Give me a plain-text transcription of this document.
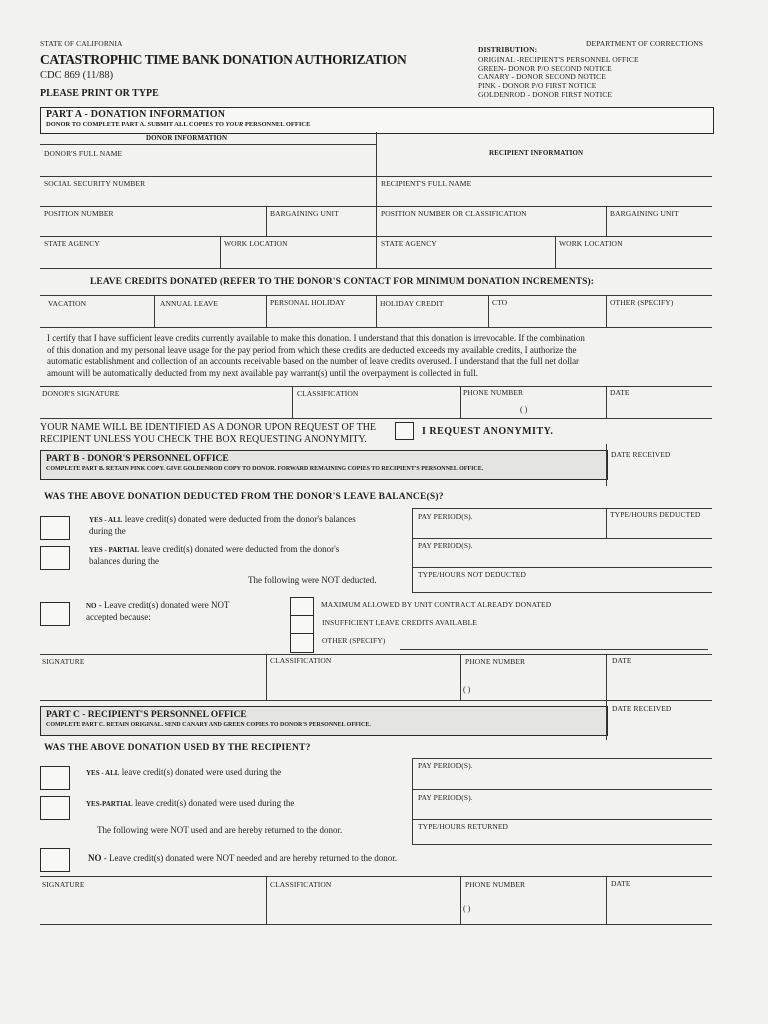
STATE OF CALIFORNIA	DEPARTMENT OF CORRECTIONS
CATASTROPHIC TIME BANK DONATION AUTHORIZATION
CDC 869 (11/88)
PLEASE PRINT OR TYPE
DISTRIBUTION:
ORIGINAL -RECIPIENT'S PERSONNEL OFFICE
GREEN- DONOR P/O SECOND NOTICE
CANARY - DONOR SECOND NOTICE
PINK - DONOR P/O FIRST NOTICE
GOLDENROD - DONOR FIRST NOTICE
PART A - DONATION INFORMATION
DONOR TO COMPLETE PART A. SUBMIT ALL COPIES TO YOUR PERSONNEL OFFICE
DONOR INFORMATION
DONOR'S FULL NAME	RECIPIENT INFORMATION
SOCIAL SECURITY NUMBER	RECIPIENT'S FULL NAME
POSITION NUMBER	BARGAINING UNIT	POSITION NUMBER OR CLASSIFICATION	BARGAINING UNIT
STATE AGENCY	WORK LOCATION	STATE AGENCY	WORK LOCATION
LEAVE CREDITS DONATED (REFER TO THE DONOR'S CONTACT FOR MINIMUM DONATION INCREMENTS):
VACATION	ANNUAL LEAVE	PERSONAL HOLIDAY	HOLIDAY CREDIT	CTO	OTHER (SPECIFY)
I certify that I have sufficient leave credits currently available to make this donation. I understand that this donation is irrevocable. If the combination
of this donation and my personal leave usage for the pay period from which these credits are deducted exceeds my available credits, I authorize the
automatic establishment and collection of an accounts receivable based on the number of leave credits overused. I understand that the full net dollar
amount will be automatically deducted from my next available pay warrant(s) until the overpayment is collected in full.
DONOR'S SIGNATURE	CLASSIFICATION	PHONE NUMBER
( )
DATE
YOUR NAME WILL BE IDENTIFIED AS A DONOR UPON REQUEST OF THE
RECIPIENT UNLESS YOU CHECK THE BOX REQUESTING ANONYMITY.
I REQUEST ANONYMITY.
PART B - DONOR'S PERSONNEL OFFICE
COMPLETE PART B. RETAIN PINK COPY. GIVE GOLDENROD COPY TO DONOR. FORWARD REMAINING COPIES TO RECIPIENT'S PERSONNEL OFFICE.
DATE RECEIVED
WAS THE ABOVE DONATION DEDUCTED FROM THE DONOR'S LEAVE BALANCE(S)?
YES - ALL leave credit(s) donated were deducted from the donor's balances
during the
YES - PARTIAL leave credit(s) donated were deducted from the donor's
balances during the
The following were NOT deducted.
PAY PERIOD(S).	TYPE/HOURS DEDUCTED
PAY PERIOD(S).
TYPE/HOURS NOT DEDUCTED
NO - Leave credit(s) donated were NOT
accepted because:
MAXIMUM ALLOWED BY UNIT CONTRACT ALREADY DONATED
INSUFFICIENT LEAVE CREDITS AVAILABLE
OTHER (SPECIFY)
SIGNATURE	CLASSIFICATION	PHONE NUMBER
( )
DATE
PART C - RECIPIENT'S PERSONNEL OFFICE
COMPLETE PART C. RETAIN ORIGINAL. SEND CANARY AND GREEN COPIES TO DONOR'S PERSONNEL OFFICE.
DATE RECEIVED
WAS THE ABOVE DONATION USED BY THE RECIPIENT?
YES - ALL leave credit(s) donated were used during the
YES-PARTIAL leave credit(s) donated were used during the
The following were NOT used and are hereby returned to the donor.
PAY PERIOD(S).
PAY PERIOD(S).
TYPE/HOURS RETURNED
NO - Leave credit(s) donated were NOT needed and are hereby returned to the donor.
SIGNATURE	CLASSIFICATION	PHONE NUMBER
( )
DATE
